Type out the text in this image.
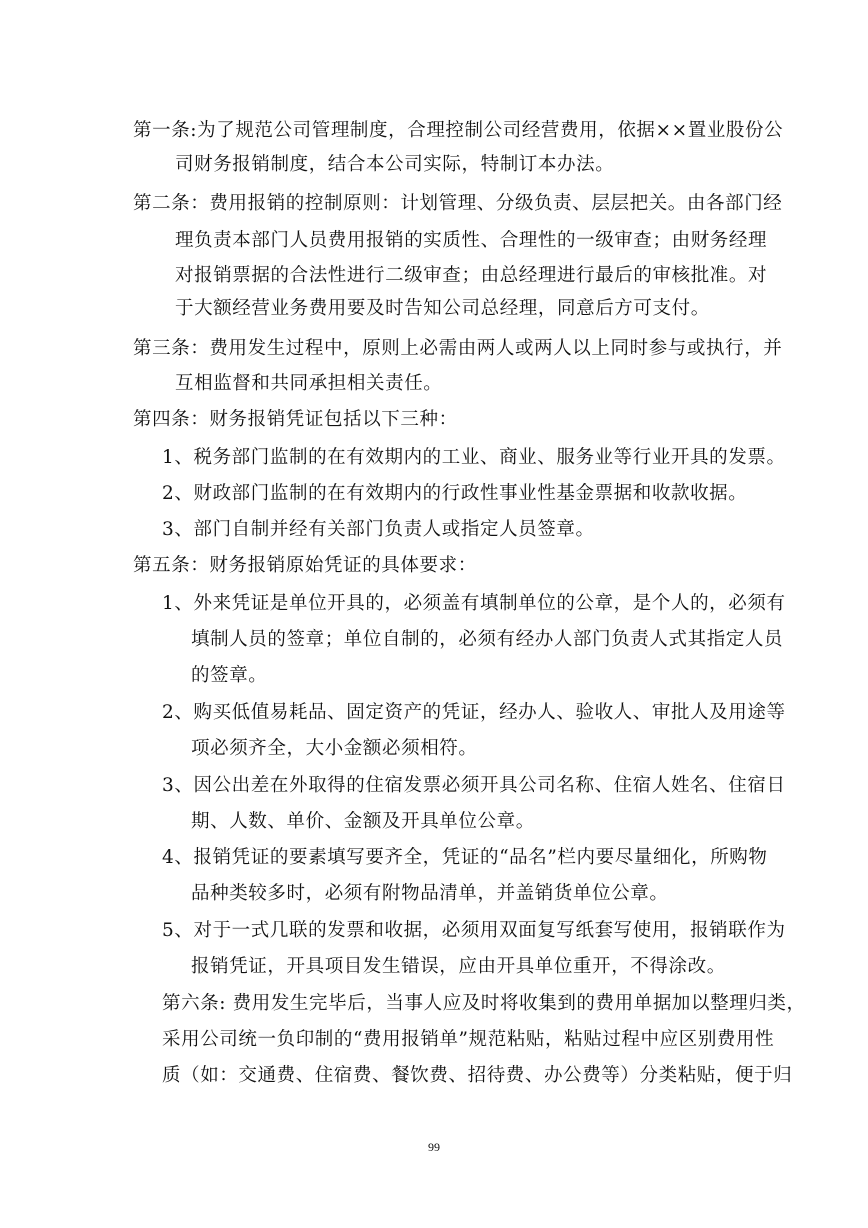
第一条:为了规范公司管理制度，合理控制公司经营费用，依据××置业股份公
司财务报销制度，结合本公司实际，特制订本办法。
第二条：费用报销的控制原则：计划管理、分级负责、层层把关。由各部门经
理负责本部门人员费用报销的实质性、合理性的一级审查；由财务经理
对报销票据的合法性进行二级审查；由总经理进行最后的审核批准。对
于大额经营业务费用要及时告知公司总经理，同意后方可支付。
第三条：费用发生过程中，原则上必需由两人或两人以上同时参与或执行，并
互相监督和共同承担相关责任。
第四条：财务报销凭证包括以下三种：
1、税务部门监制的在有效期内的工业、商业、服务业等行业开具的发票。
2、财政部门监制的在有效期内的行政性事业性基金票据和收款收据。
3、部门自制并经有关部门负责人或指定人员签章。
第五条：财务报销原始凭证的具体要求：
1、外来凭证是单位开具的，必须盖有填制单位的公章，是个人的，必须有
填制人员的签章；单位自制的，必须有经办人部门负责人式其指定人员
的签章。
2、购买低值易耗品、固定资产的凭证，经办人、验收人、审批人及用途等
项必须齐全，大小金额必须相符。
3、因公出差在外取得的住宿发票必须开具公司名称、住宿人姓名、住宿日
期、人数、单价、金额及开具单位公章。
4、报销凭证的要素填写要齐全，凭证的“品名”栏内要尽量细化，所购物
品种类较多时，必须有附物品清单，并盖销货单位公章。
5、对于一式几联的发票和收据，必须用双面复写纸套写使用，报销联作为
报销凭证，开具项目发生错误，应由开具单位重开，不得涂改。
第六条: 费用发生完毕后，当事人应及时将收集到的费用单据加以整理归类，
采用公司统一负印制的“费用报销单”规范粘贴，粘贴过程中应区别费用性
质（如：交通费、住宿费、餐饮费、招待费、办公费等）分类粘贴，便于归
99
